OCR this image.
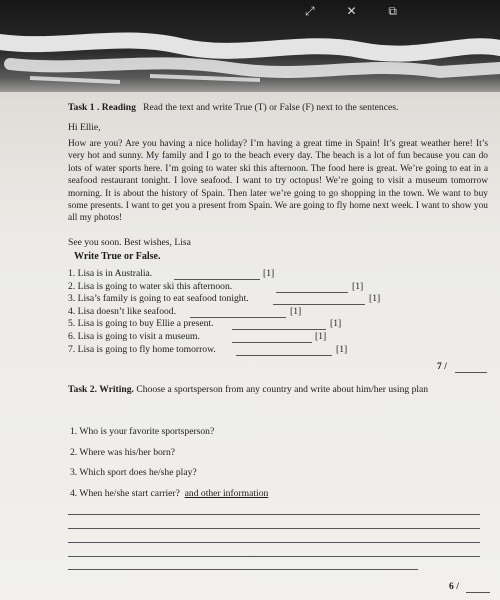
⤢	✕	⧉
Task 1 . Reading Read the text and write True (T) or False (F) next to the sentences.
Hi Ellie,

How are you? Are you having a nice holiday? I’m having a great time in Spain! It’s great weather here! It’s very hot and sunny. My family and I go to the beach every day. The beach is a lot of fun because you can do lots of water sports here. I’m going to water ski this afternoon. The food here is great. We’re going to eat in a seafood restaurant tonight. I love seafood. I want to try octopus! We’re going to visit a museum tomorrow morning. It is about the history of Spain. Then later we’re going to go shopping in the town. We want to buy some presents. I want to get you a present from Spain. We are going to fly home next week. I want to show you all my photos!

See you soon. Best wishes, Lisa
Write True or False.
1. Lisa is in Australia.	[1]
2. Lisa is going to water ski this afternoon.	[1]
3. Lisa’s family is going to eat seafood tonight.	[1]
4. Lisa doesn’t like seafood.	[1]
5. Lisa is going to buy Ellie a present.	[1]
6. Lisa is going to visit a museum.	[1]
7. Lisa is going to fly home tomorrow.	[1]
7 /
Task 2. Writing. Choose a sportsperson from any country and write about him/her using plan
1. Who is your favorite sportsperson?
2. Where was his/her born?
3. Which sport does he/she play?
4. When he/she start carrier? and other information
6 /
